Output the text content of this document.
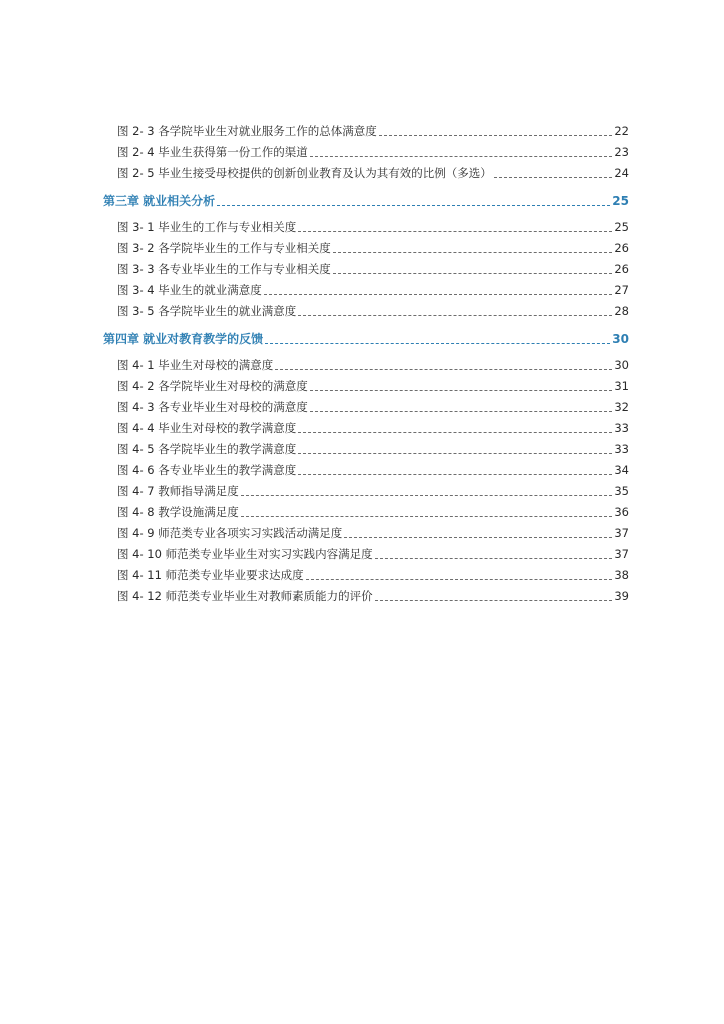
图 2- 3 各学院毕业生对就业服务工作的总体满意度	22
图 2- 4 毕业生获得第一份工作的渠道	23
图 2- 5 毕业生接受母校提供的创新创业教育及认为其有效的比例（多选）	24
第三章 就业相关分析	25
图 3- 1 毕业生的工作与专业相关度	25
图 3- 2 各学院毕业生的工作与专业相关度	26
图 3- 3 各专业毕业生的工作与专业相关度	26
图 3- 4 毕业生的就业满意度	27
图 3- 5 各学院毕业生的就业满意度	28
第四章 就业对教育教学的反馈	30
图 4- 1 毕业生对母校的满意度	30
图 4- 2 各学院毕业生对母校的满意度	31
图 4- 3 各专业毕业生对母校的满意度	32
图 4- 4 毕业生对母校的教学满意度	33
图 4- 5 各学院毕业生的教学满意度	33
图 4- 6 各专业毕业生的教学满意度	34
图 4- 7 教师指导满足度	35
图 4- 8 教学设施满足度	36
图 4- 9 师范类专业各项实习实践活动满足度	37
图 4- 10 师范类专业毕业生对实习实践内容满足度	37
图 4- 11 师范类专业毕业要求达成度	38
图 4- 12 师范类专业毕业生对教师素质能力的评价	39
